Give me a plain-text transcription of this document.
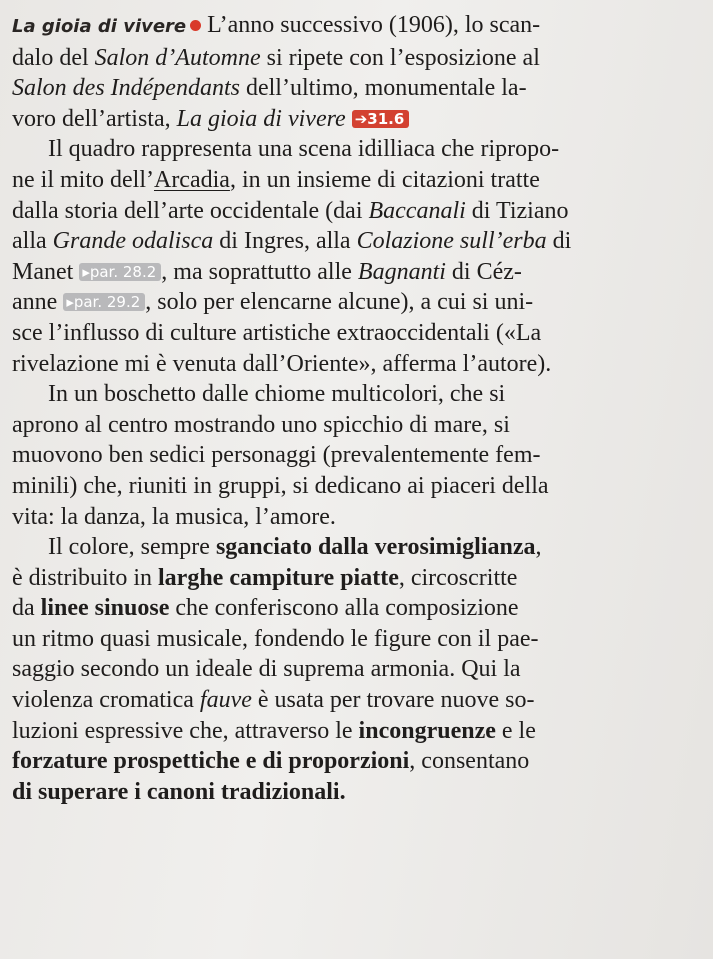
La gioia di vivere L’anno successivo (1906), lo scan-
dalo del Salon d’Automne si ripete con l’esposizione al
Salon des Indépendants dell’ultimo, monumentale la-
voro dell’artista, La gioia di vivere ➔31.6
Il quadro rappresenta una scena idilliaca che ripropo-
ne il mito dell’Arcadia, in un insieme di citazioni tratte
dalla storia dell’arte occidentale (dai Baccanali di Tiziano
alla Grande odalisca di Ingres, alla Colazione sull’erba di
Manet ▸par. 28.2 , ma soprattutto alle Bagnanti di Céz-
anne ▸par. 29.2 , solo per elencarne alcune), a cui si uni-
sce l’influsso di culture artistiche extraoccidentali («La
rivelazione mi è venuta dall’Oriente», afferma l’autore).
In un boschetto dalle chiome multicolori, che si
aprono al centro mostrando uno spicchio di mare, si
muovono ben sedici personaggi (prevalentemente fem-
minili) che, riuniti in gruppi, si dedicano ai piaceri della
vita: la danza, la musica, l’amore.
Il colore, sempre sganciato dalla verosimiglianza,
è distribuito in larghe campiture piatte, circoscritte
da linee sinuose che conferiscono alla composizione
un ritmo quasi musicale, fondendo le figure con il pae-
saggio secondo un ideale di suprema armonia. Qui la
violenza cromatica fauve è usata per trovare nuove so-
luzioni espressive che, attraverso le incongruenze e le
forzature prospettiche e di proporzioni, consentano
di superare i canoni tradizionali.
